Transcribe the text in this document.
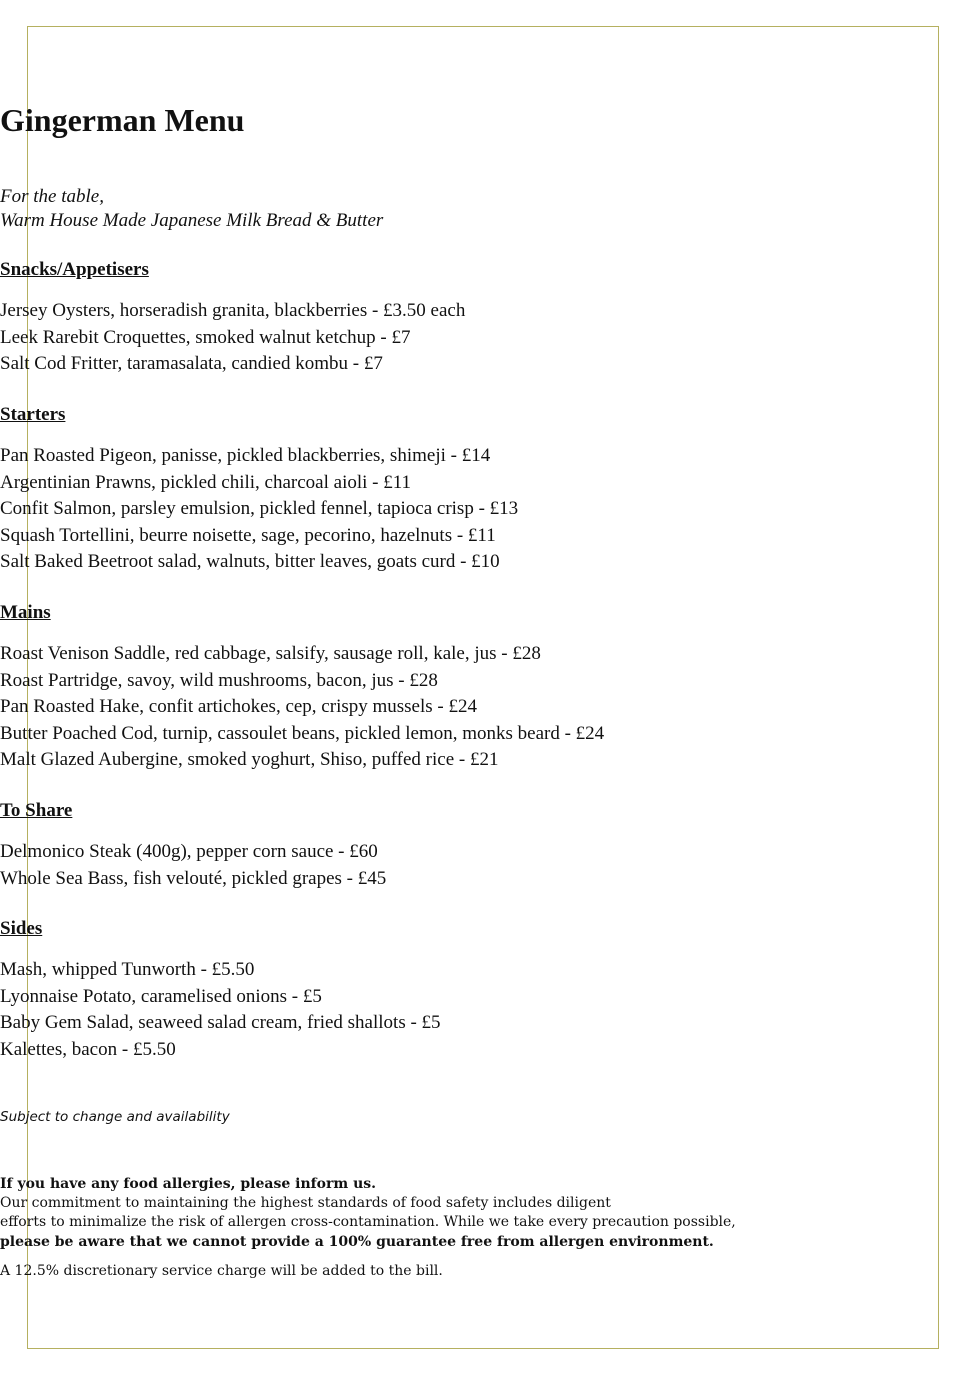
Gingerman Menu
For the table,
Warm House Made Japanese Milk Bread & Butter
Snacks/Appetisers
Jersey Oysters, horseradish granita, blackberries - £3.50 each
Leek Rarebit Croquettes, smoked walnut ketchup - £7
Salt Cod Fritter, taramasalata, candied kombu - £7
Starters
Pan Roasted Pigeon, panisse, pickled blackberries, shimeji - £14
Argentinian Prawns, pickled chili, charcoal aioli - £11
Confit Salmon, parsley emulsion, pickled fennel, tapioca crisp - £13
Squash Tortellini, beurre noisette, sage, pecorino, hazelnuts - £11
Salt Baked Beetroot salad, walnuts, bitter leaves, goats curd - £10
Mains
Roast Venison Saddle, red cabbage, salsify, sausage roll, kale, jus - £28
Roast Partridge, savoy, wild mushrooms, bacon, jus - £28
Pan Roasted Hake, confit artichokes, cep, crispy mussels - £24
Butter Poached Cod, turnip, cassoulet beans, pickled lemon, monks beard - £24
Malt Glazed Aubergine, smoked yoghurt, Shiso, puffed rice - £21
To Share
Delmonico Steak (400g), pepper corn sauce - £60
Whole Sea Bass, fish velouté, pickled grapes - £45
Sides
Mash, whipped Tunworth - £5.50
Lyonnaise Potato, caramelised onions - £5
Baby Gem Salad, seaweed salad cream, fried shallots - £5
Kalettes, bacon - £5.50
Subject to change and availability
If you have any food allergies, please inform us.
Our commitment to maintaining the highest standards of food safety includes diligent
efforts to minimalize the risk of allergen cross-contamination. While we take every precaution possible,
please be aware that we cannot provide a 100% guarantee free from allergen environment.
A 12.5% discretionary service charge will be added to the bill.
